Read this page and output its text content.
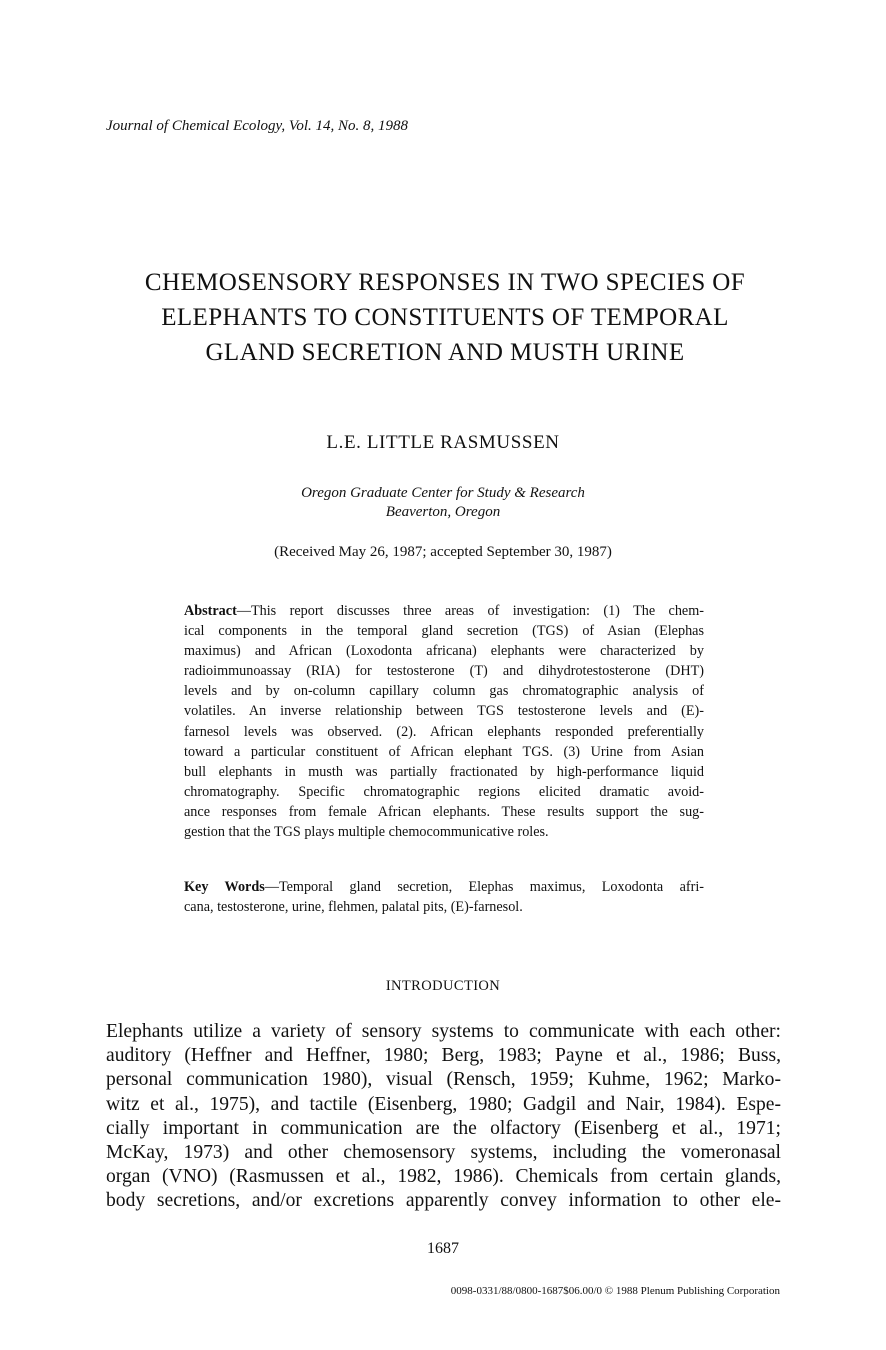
Journal of Chemical Ecology, Vol. 14, No. 8, 1988
CHEMOSENSORY RESPONSES IN TWO SPECIES OF
ELEPHANTS TO CONSTITUENTS OF TEMPORAL
GLAND SECRETION AND MUSTH URINE
L.E. LITTLE RASMUSSEN
Oregon Graduate Center for Study & Research
Beaverton, Oregon
(Received May 26, 1987; accepted September 30, 1987)
Abstract—This report discusses three areas of investigation: (1) The chem-
ical components in the temporal gland secretion (TGS) of Asian (Elephas
maximus) and African (Loxodonta africana) elephants were characterized by
radioimmunoassay (RIA) for testosterone (T) and dihydrotestosterone (DHT)
levels and by on-column capillary column gas chromatographic analysis of
volatiles. An inverse relationship between TGS testosterone levels and (E)-
farnesol levels was observed. (2). African elephants responded preferentially
toward a particular constituent of African elephant TGS. (3) Urine from Asian
bull elephants in musth was partially fractionated by high-performance liquid
chromatography. Specific chromatographic regions elicited dramatic avoid-
ance responses from female African elephants. These results support the sug-
gestion that the TGS plays multiple chemocommunicative roles.
Key Words—Temporal gland secretion, Elephas maximus, Loxodonta afri-
cana, testosterone, urine, flehmen, palatal pits, (E)-farnesol.
INTRODUCTION
Elephants utilize a variety of sensory systems to communicate with each other:
auditory (Heffner and Heffner, 1980; Berg, 1983; Payne et al., 1986; Buss,
personal communication 1980), visual (Rensch, 1959; Kuhme, 1962; Marko-
witz et al., 1975), and tactile (Eisenberg, 1980; Gadgil and Nair, 1984). Espe-
cially important in communication are the olfactory (Eisenberg et al., 1971;
McKay, 1973) and other chemosensory systems, including the vomeronasal
organ (VNO) (Rasmussen et al., 1982, 1986). Chemicals from certain glands,
body secretions, and/or excretions apparently convey information to other ele-
1687
0098-0331/88/0800-1687$06.00/0 © 1988 Plenum Publishing Corporation
